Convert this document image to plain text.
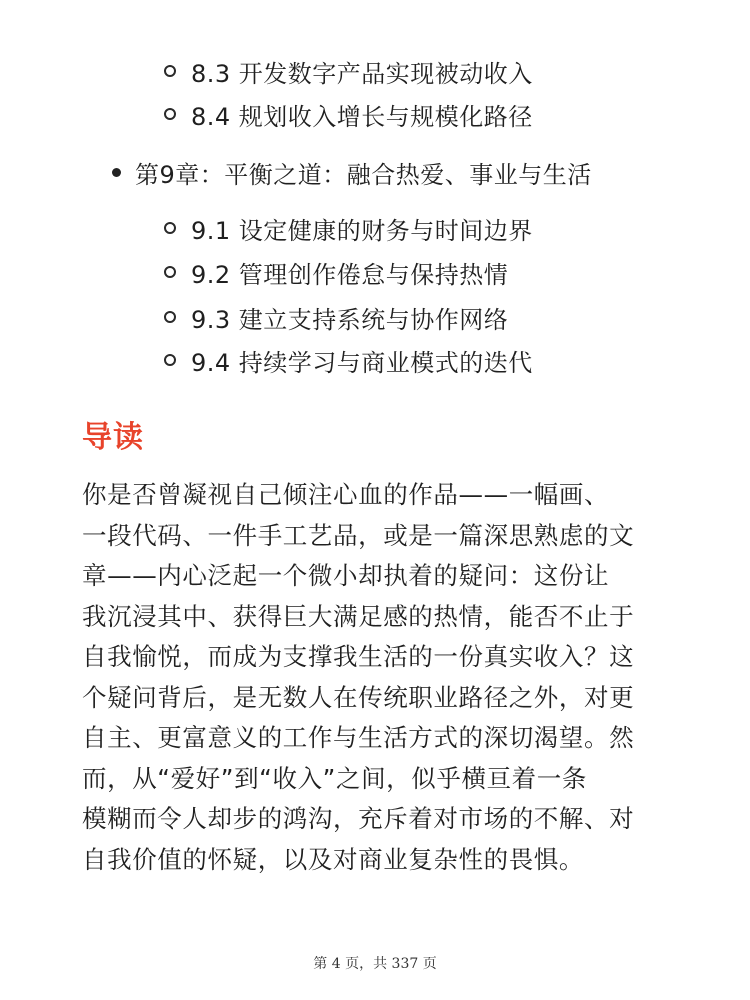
8.3 开发数字产品实现被动收入
8.4 规划收入增长与规模化路径
第9章：平衡之道：融合热爱、事业与生活
9.1 设定健康的财务与时间边界
9.2 管理创作倦怠与保持热情
9.3 建立支持系统与协作网络
9.4 持续学习与商业模式的迭代
导读
你是否曾凝视自己倾注心血的作品——一幅画、
一段代码、一件手工艺品，或是一篇深思熟虑的文
章——内心泛起一个微小却执着的疑问：这份让
我沉浸其中、获得巨大满足感的热情，能否不止于
自我愉悦，而成为支撑我生活的一份真实收入？这
个疑问背后，是无数人在传统职业路径之外，对更
自主、更富意义的工作与生活方式的深切渴望。然
而，从“爱好”到“收入”之间，似乎横亘着一条
模糊而令人却步的鸿沟，充斥着对市场的不解、对
自我价值的怀疑，以及对商业复杂性的畏惧。
第 4 页，共 337 页
